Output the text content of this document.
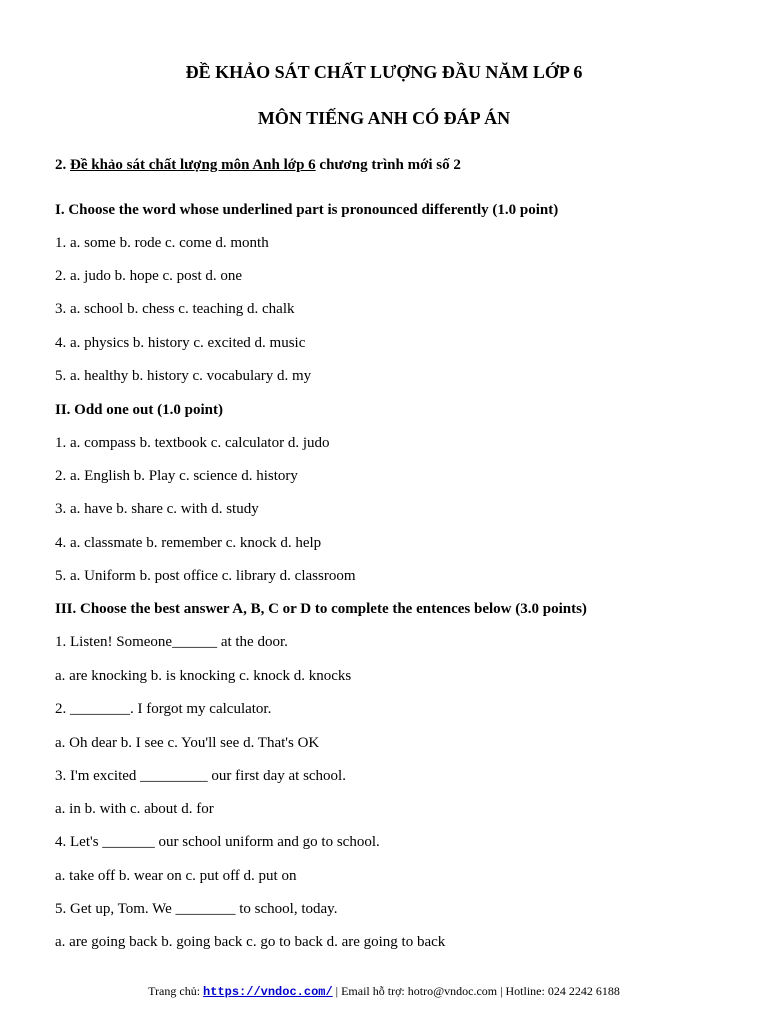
ĐỀ KHẢO SÁT CHẤT LƯỢNG ĐẦU NĂM LỚP 6
MÔN TIẾNG ANH CÓ ĐÁP ÁN

2. Đề khảo sát chất lượng môn Anh lớp 6 chương trình mới số 2

I. Choose the word whose underlined part is pronounced differently (1.0 point)

1. a. some b. rode c. come d. month

2. a. judo b. hope c. post d. one

3. a. school b. chess c. teaching d. chalk

4. a. physics b. history c. excited d. music

5. a. healthy b. history c. vocabulary d. my

II. Odd one out (1.0 point)

1. a. compass b. textbook c. calculator d. judo

2. a. English b. Play c. science d. history

3. a. have b. share c. with d. study

4. a. classmate b. remember c. knock d. help

5. a. Uniform b. post office c. library d. classroom

III. Choose the best answer A, B, C or D to complete the entences below (3.0 points)

1. Listen! Someone______ at the door.

a. are knocking b. is knocking c. knock d. knocks

2. ________. I forgot my calculator.

a. Oh dear b. I see c. You'll see d. That's OK

3. I'm excited _________ our first day at school.

a. in b. with c. about d. for

4. Let's _______ our school uniform and go to school.

a. take off b. wear on c. put off d. put on

5. Get up, Tom. We ________ to school, today.

a. are going back b. going back c. go to back d. are going to back

Trang chủ: https://vndoc.com/ | Email hỗ trợ: hotro@vndoc.com | Hotline: 024 2242 6188
